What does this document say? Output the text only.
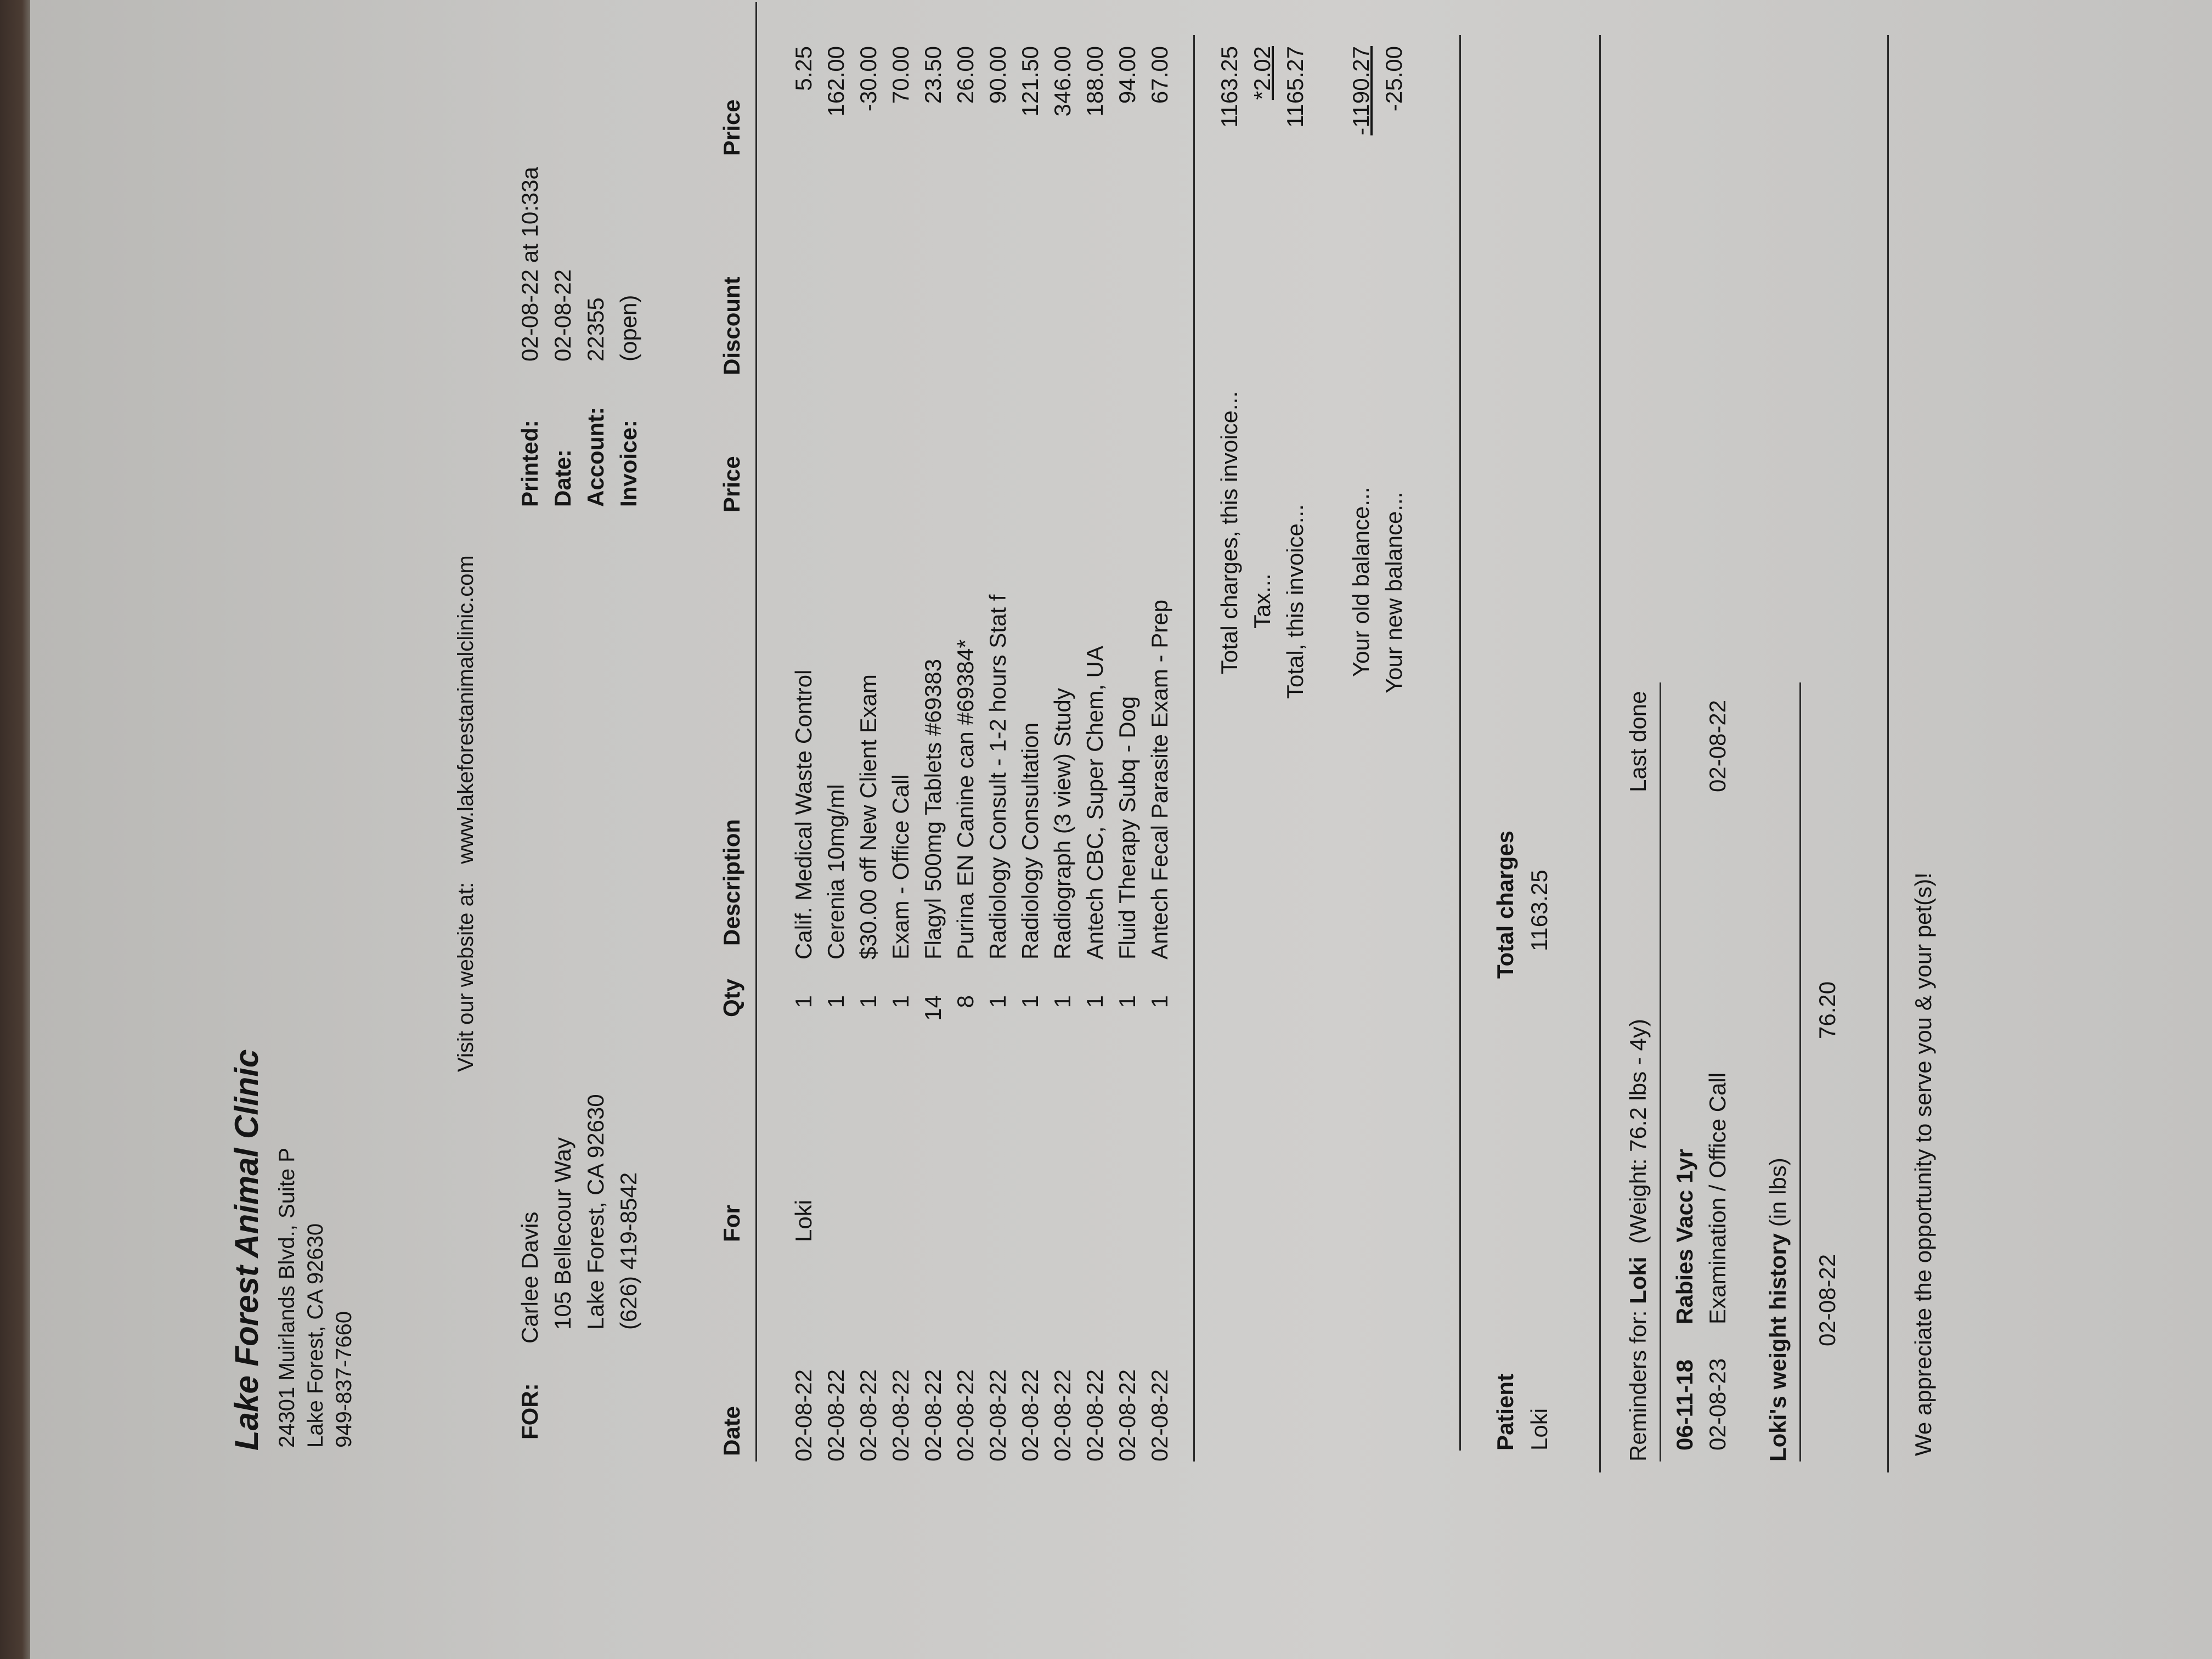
Lake Forest Animal Clinic 24301 Muirlands Blvd., Suite P Lake Forest, CA 92630 949-837-7660
Visit our website at:   www.lakeforestanimalclinic.com
FOR:
Carlee Davis 105 Bellecour Way Lake Forest, CA 92630 (626) 419-8542
Printed:
02-08-22 at 10:33a
Date:
02-08-22
Account:
22355
Invoice:
(open)
Date
For
Qty
Description
Price
Discount
Price
02-08-22 02-08-22 02-08-22 02-08-22 02-08-22 02-08-22 02-08-22 02-08-22 02-08-22 02-08-22 02-08-22 02-08-22
Loki
1 1 1 1 14 8 1 1 1 1 1 1
Calif. Medical Waste Control Cerenia 10mg/ml $30.00 off New Client Exam Exam - Office Call Flagyl 500mg Tablets #69383 Purina EN Canine can #69384* Radiology Consult - 1-2 hours Stat f Radiology Consultation Radiograph (3 view) Study Antech CBC, Super Chem, UA Fluid Therapy Subq - Dog Antech Fecal Parasite Exam - Prep
5.25 162.00 -30.00 70.00 23.50 26.00 90.00 121.50 346.00 188.00 94.00 67.00
Total charges, this invoice...
1163.25
Tax...
*2.02
Total, this invoice...
1165.27
Your old balance...
-1190.27
Your new balance...
-25.00
Patient Loki
Total charges 1163.25
Reminders for: Loki  (Weight: 76.2 lbs - 4y)
Last done
06-11-18
Rabies Vacc 1yr
02-08-23
Examination / Office Call
02-08-22
Loki's weight history (in lbs)
02-08-22
76.20	We appreciate the opportunity to serve you & your pet(s)!
